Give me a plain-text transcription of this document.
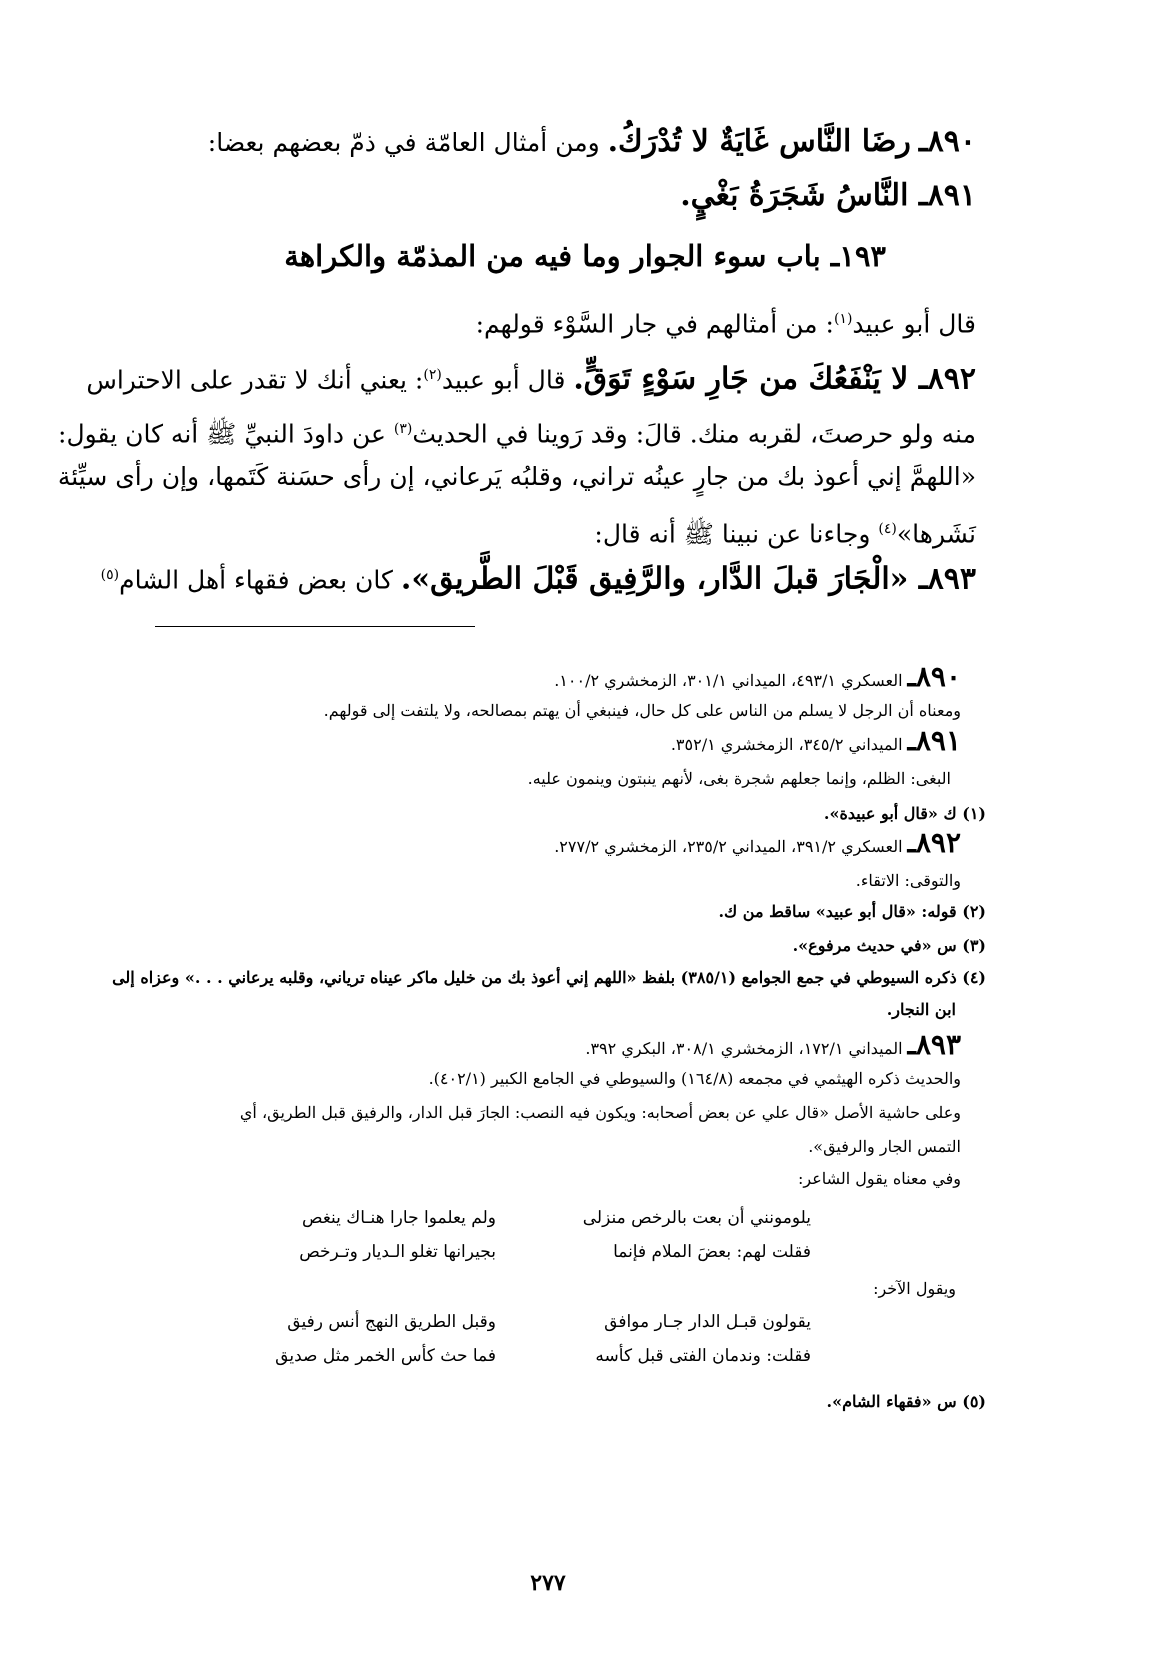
٨٩٠ـ رضَا النَّاس غَايَةٌ لا تُدْرَكُ. ومن أمثال العامّة في ذمّ بعضهم بعضا:
٨٩١ـ النَّاسُ شَجَرَةُ بَغْيٍ.
١٩٣ـ باب سوء الجوار وما فيه من المذمّة والكراهة
قال أبو عبيد$^{(١)}$: من أمثالهم في جار السَّوْء قولهم:
٨٩٢ـ لا يَنْفَعُكَ من جَارِ سَوْءٍ تَوَقٍّ. قال أبو عبيد$^{(٢)}$: يعني أنك لا تقدر على الاحتراس
منه ولو حرصتَ، لقربه منك. قالَ: وقد رَوينا في الحديث$^{(٣)}$ عن داودَ النبيِّ ﷺ أنه كان يقول:
«اللهمَّ إني أعوذ بك من جارٍ عينُه تراني، وقلبُه يَرعاني، إن رأى حسَنة كَتَمها، وإن رأى سيِّئة
نَشَرها»$^{(٤)}$ وجاءنا عن نبينا ﷺ أنه قال:
٨٩٣ـ «الْجَارَ قبلَ الدَّار، والرَّفِيق قَبْلَ الطَّريق». كان بعض فقهاء أهل الشام$^{(٥)}$
٨٩٠ـ العسكري ٤٩٣/١، الميداني ٣٠١/١، الزمخشري ١٠٠/٢.
ومعناه أن الرجل لا يسلم من الناس على كل حال، فينبغي أن يهتم بمصالحه، ولا يلتفت إلى قولهم.
٨٩١ـ الميداني ٣٤٥/٢، الزمخشري ٣٥٢/١.
البغى: الظلم، وإنما جعلهم شجرة بغى، لأنهم ينبتون وينمون عليه.
(١) ك «قال أبو عبيدة».
٨٩٢ـ العسكري ٣٩١/٢، الميداني ٢٣٥/٢، الزمخشري ٢٧٧/٢.
والتوقى: الاتقاء.
(٢) قوله: «قال أبو عبيد» ساقط من ك.
(٣) س «في حديث مرفوع».
(٤) ذكره السيوطي في جمع الجوامع (٣٨٥/١) بلفظ «اللهم إني أعوذ بك من خليل ماكر عيناه ترياني، وقلبه يرعاني . . .» وعزاه إلى
ابن النجار.
٨٩٣ـ الميداني ١٧٢/١، الزمخشري ٣٠٨/١، البكري ٣٩٢.
والحديث ذكره الهيثمي في مجمعه (١٦٤/٨) والسيوطي في الجامع الكبير (٤٠٢/١).
وعلى حاشية الأصل «قال علي عن بعض أصحابه: ويكون فيه النصب: الجارَ قبل الدار، والرفيق قبل الطريق، أي
التمس الجار والرفيق».
وفي معناه يقول الشاعر:
يلومونني أن بعت بالرخص منزلى
ولم يعلموا جارا هنـاك ينغص
فقلت لهم: بعضَ الملام فإنما
بجيرانها تغلو الـديار وتـرخص
ويقول الآخر:
يقولون قبـل الدار جـار موافق
وقبل الطريق النهج أنس رفيق
فقلت: وندمان الفتى قبل كأسه
فما حث كأس الخمر مثل صديق
(٥) س «فقهاء الشام».
٢٧٧
